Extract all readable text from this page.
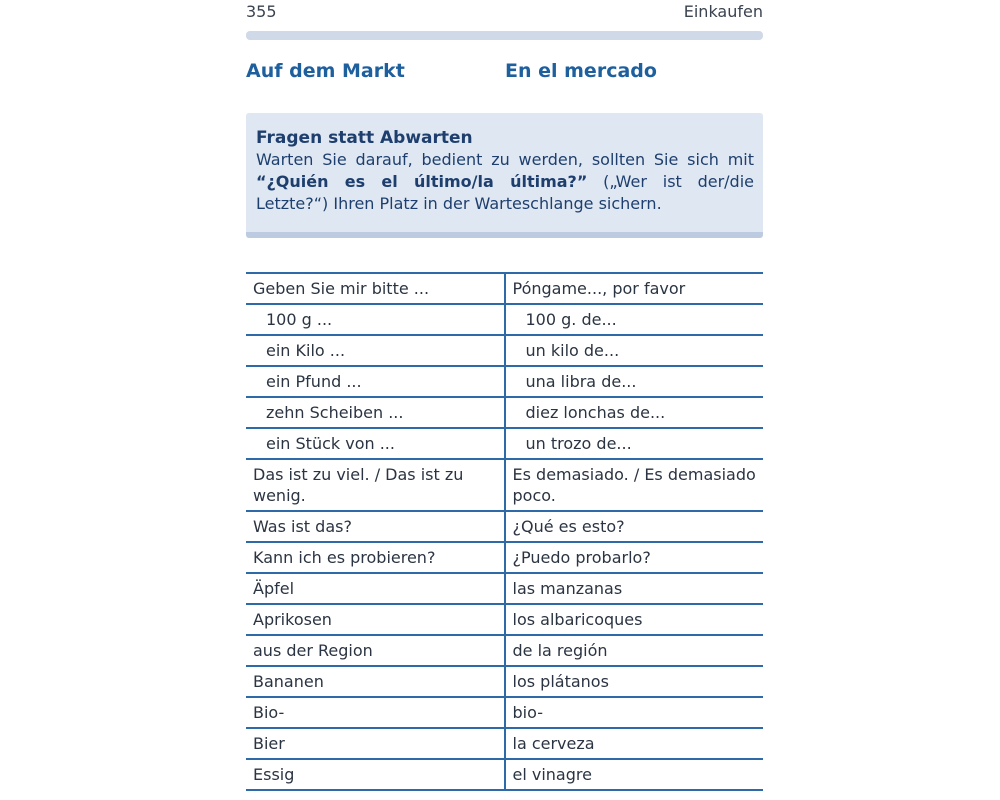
355	Einkaufen
Auf dem Markt	En el mercado
Fragen statt Abwarten
Warten Sie darauf, bedient zu werden, sollten Sie sich mit “¿Quién es el último/la última?” („Wer ist der/die Letzte?“) Ihren Platz in der Warteschlange sichern.
Geben Sie mir bitte ...	Póngame..., por favor
100 g ...	100 g. de...
ein Kilo ...	un kilo de...
ein Pfund ...	una libra de...
zehn Scheiben ...	diez lonchas de...
ein Stück von ...	un trozo de...
Das ist zu viel. / Das ist zu wenig.	Es demasiado. / Es demasiado poco.
Was ist das?	¿Qué es esto?
Kann ich es probieren?	¿Puedo probarlo?
Äpfel	las manzanas
Aprikosen	los albaricoques
aus der Region	de la región
Bananen	los plátanos
Bio-	bio-
Bier	la cerveza
Essig	el vinagre
